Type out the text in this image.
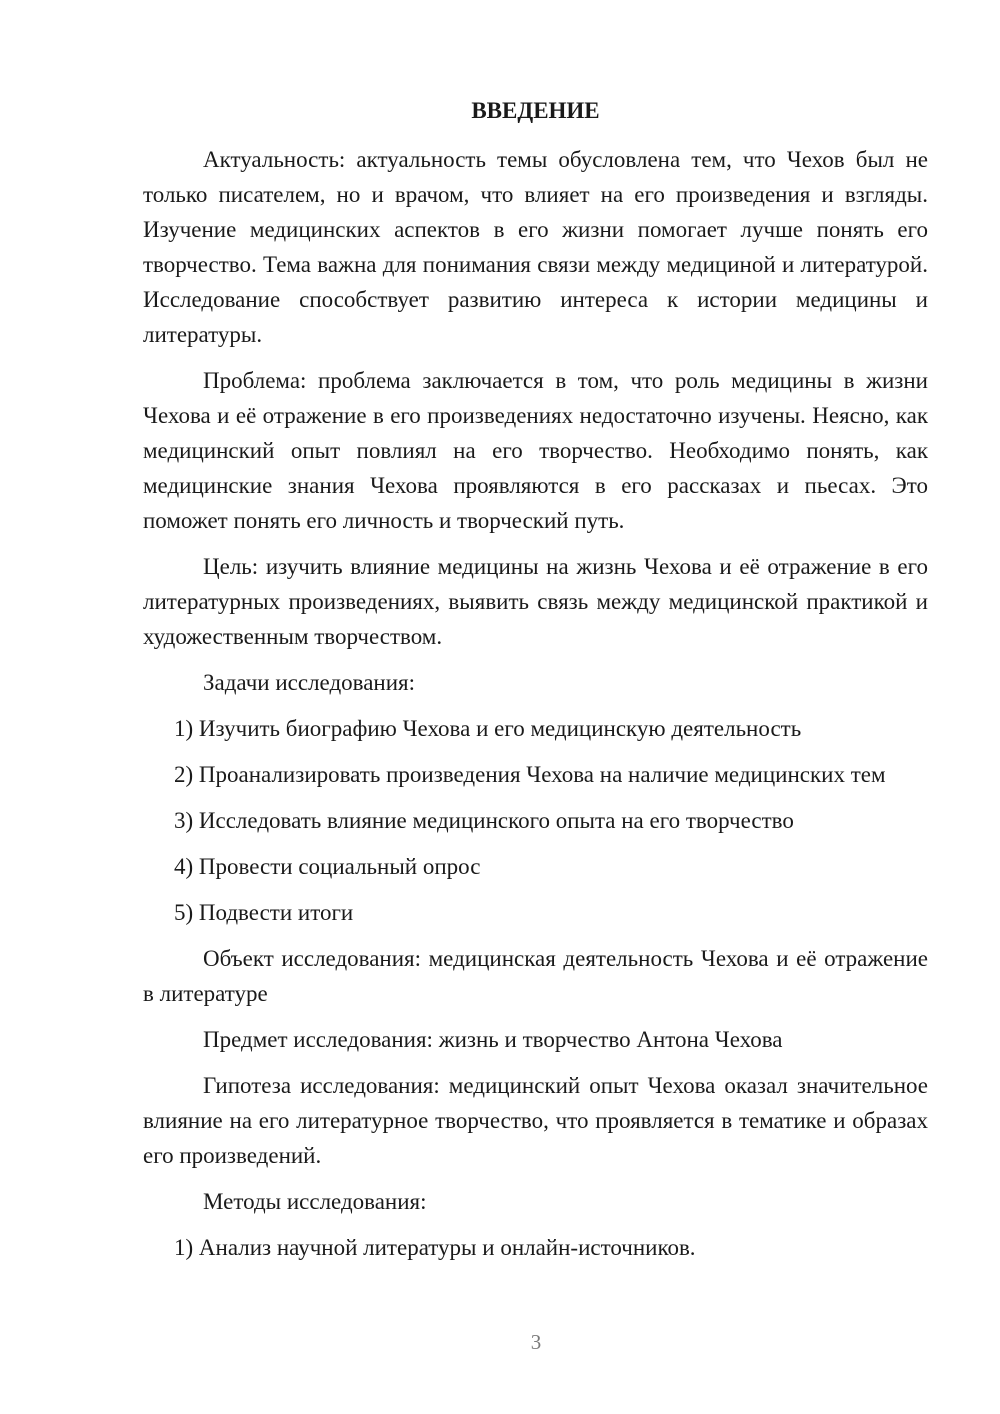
ВВЕДЕНИЕ
Актуальность: актуальность темы обусловлена тем, что Чехов был не только писателем, но и врачом, что влияет на его произведения и взгляды. Изучение медицинских аспектов в его жизни помогает лучше понять его творчество. Тема важна для понимания связи между медициной и литературой. Исследование способствует развитию интереса к истории медицины и литературы.
Проблема: проблема заключается в том, что роль медицины в жизни Чехова и её отражение в его произведениях недостаточно изучены. Неясно, как медицинский опыт повлиял на его творчество. Необходимо понять, как медицинские знания Чехова проявляются в его рассказах и пьесах. Это поможет понять его личность и творческий путь.
Цель: изучить влияние медицины на жизнь Чехова и её отражение в его литературных произведениях, выявить связь между медицинской практикой и художественным творчеством.
Задачи исследования:
1) Изучить биографию Чехова и его медицинскую деятельность
2) Проанализировать произведения Чехова на наличие медицинских тем
3) Исследовать влияние медицинского опыта на его творчество
4) Провести социальный опрос
5) Подвести итоги
Объект исследования: медицинская деятельность Чехова и её отражение в литературе
Предмет исследования: жизнь и творчество Антона Чехова
Гипотеза исследования: медицинский опыт Чехова оказал значительное влияние на его литературное творчество, что проявляется в тематике и образах его произведений.
Методы исследования:
1) Анализ научной литературы и онлайн-источников.
3
